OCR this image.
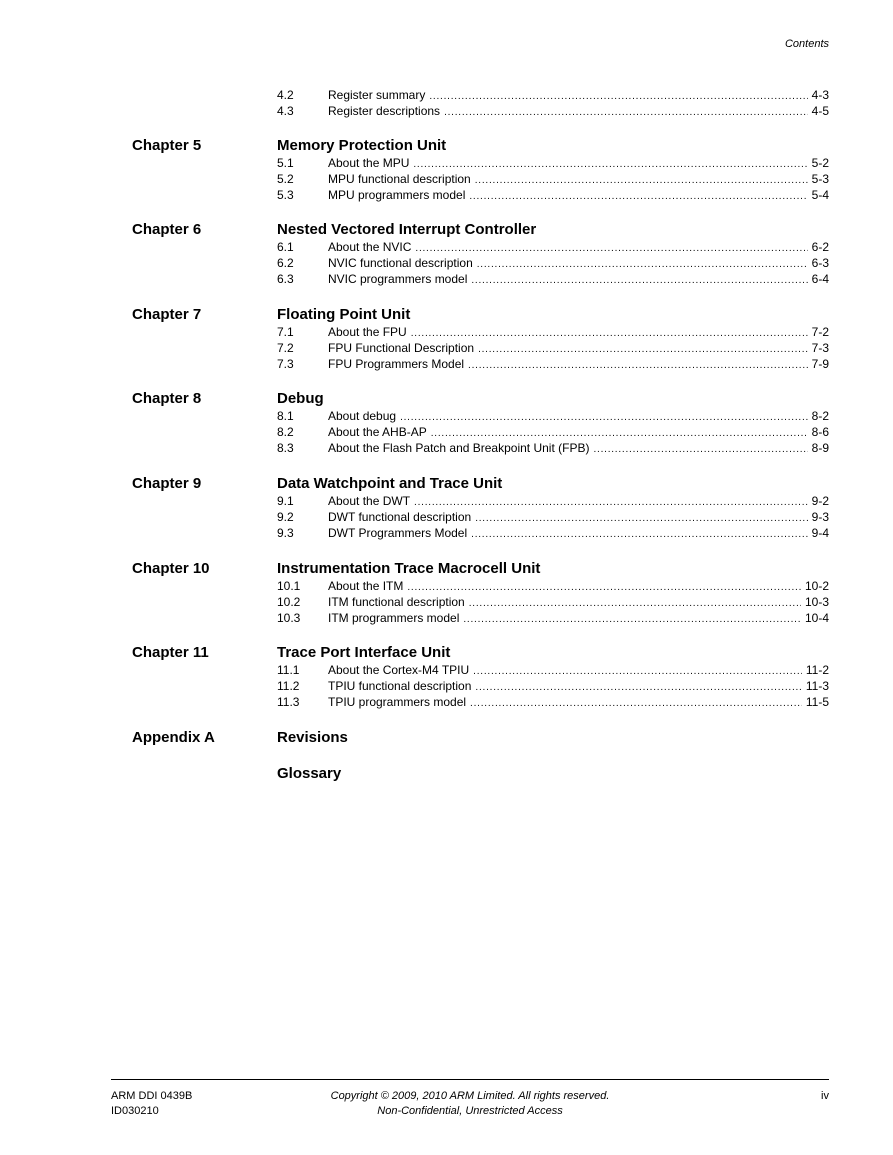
Contents
4.2	Register summary . . .	4-3
4.3	Register descriptions . . .	4-5
Chapter 5	Memory Protection Unit
5.1	About the MPU . . .	5-2
5.2	MPU functional description . . .	5-3
5.3	MPU programmers model . . .	5-4
Chapter 6	Nested Vectored Interrupt Controller
6.1	About the NVIC . . .	6-2
6.2	NVIC functional description . . .	6-3
6.3	NVIC programmers model . . .	6-4
Chapter 7	Floating Point Unit
7.1	About the FPU . . .	7-2
7.2	FPU Functional Description . . .	7-3
7.3	FPU Programmers Model . . .	7-9
Chapter 8	Debug
8.1	About debug . . .	8-2
8.2	About the AHB-AP . . .	8-6
8.3	About the Flash Patch and Breakpoint Unit (FPB) . . .	8-9
Chapter 9	Data Watchpoint and Trace Unit
9.1	About the DWT . . .	9-2
9.2	DWT functional description . . .	9-3
9.3	DWT Programmers Model . . .	9-4
Chapter 10	Instrumentation Trace Macrocell Unit
10.1	About the ITM . . .	10-2
10.2	ITM functional description . . .	10-3
10.3	ITM programmers model . . .	10-4
Chapter 11	Trace Port Interface Unit
11.1	About the Cortex-M4 TPIU . . .	11-2
11.2	TPIU functional description . . .	11-3
11.3	TPIU programmers model . . .	11-5
Appendix A	Revisions
Glossary
ARM DDI 0439B
ID030210
Copyright © 2009, 2010 ARM Limited. All rights reserved.
Non-Confidential, Unrestricted Access
iv
